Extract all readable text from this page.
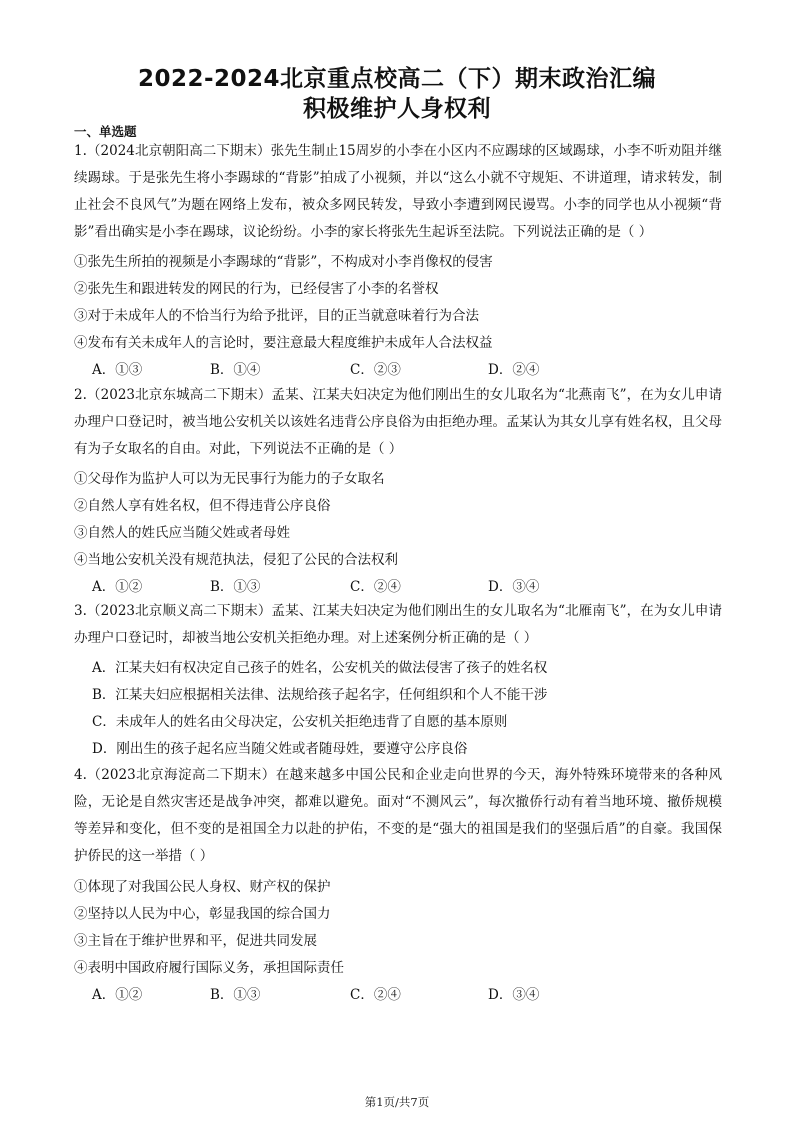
2022-2024北京重点校高二（下）期末政治汇编
积极维护人身权利
一、单选题
1.（2024北京朝阳高二下期末）张先生制止15周岁的小李在小区内不应踢球的区域踢球，小李不听劝阻并继续踢球。于是张先生将小李踢球的“背影”拍成了小视频，并以“这么小就不守规矩、不讲道理，请求转发，制止社会不良风气”为题在网络上发布，被众多网民转发，导致小李遭到网民谩骂。小李的同学也从小视频“背影”看出确实是小李在踢球，议论纷纷。小李的家长将张先生起诉至法院。下列说法正确的是（ ）
①张先生所拍的视频是小李踢球的“背影”，不构成对小李肖像权的侵害
②张先生和跟进转发的网民的行为，已经侵害了小李的名誉权
③对于未成年人的不恰当行为给予批评，目的正当就意味着行为合法
④发布有关未成年人的言论时，要注意最大程度维护未成年人合法权益
A．①③	B．①④	C．②③	D．②④
2.（2023北京东城高二下期末）孟某、江某夫妇决定为他们刚出生的女儿取名为“北燕南飞”，在为女儿申请办理户口登记时，被当地公安机关以该姓名违背公序良俗为由拒绝办理。孟某认为其女儿享有姓名权，且父母有为子女取名的自由。对此，下列说法不正确的是（ ）
①父母作为监护人可以为无民事行为能力的子女取名
②自然人享有姓名权，但不得违背公序良俗
③自然人的姓氏应当随父姓或者母姓
④当地公安机关没有规范执法，侵犯了公民的合法权利
A．①②	B．①③	C．②④	D．③④
3.（2023北京顺义高二下期末）孟某、江某夫妇决定为他们刚出生的女儿取名为“北雁南飞”，在为女儿申请办理户口登记时，却被当地公安机关拒绝办理。对上述案例分析正确的是（ ）
A．江某夫妇有权决定自己孩子的姓名，公安机关的做法侵害了孩子的姓名权
B．江某夫妇应根据相关法律、法规给孩子起名字，任何组织和个人不能干涉
C．未成年人的姓名由父母决定，公安机关拒绝违背了自愿的基本原则
D．刚出生的孩子起名应当随父姓或者随母姓，要遵守公序良俗
4.（2023北京海淀高二下期末）在越来越多中国公民和企业走向世界的今天，海外特殊环境带来的各种风险，无论是自然灾害还是战争冲突，都难以避免。面对“不测风云”，每次撤侨行动有着当地环境、撤侨规模等差异和变化，但不变的是祖国全力以赴的护佑，不变的是“强大的祖国是我们的坚强后盾”的自豪。我国保护侨民的这一举措（ ）
①体现了对我国公民人身权、财产权的保护
②坚持以人民为中心，彰显我国的综合国力
③主旨在于维护世界和平，促进共同发展
④表明中国政府履行国际义务，承担国际责任
A．①②	B．①③	C．②④	D．③④
第1页/共7页
